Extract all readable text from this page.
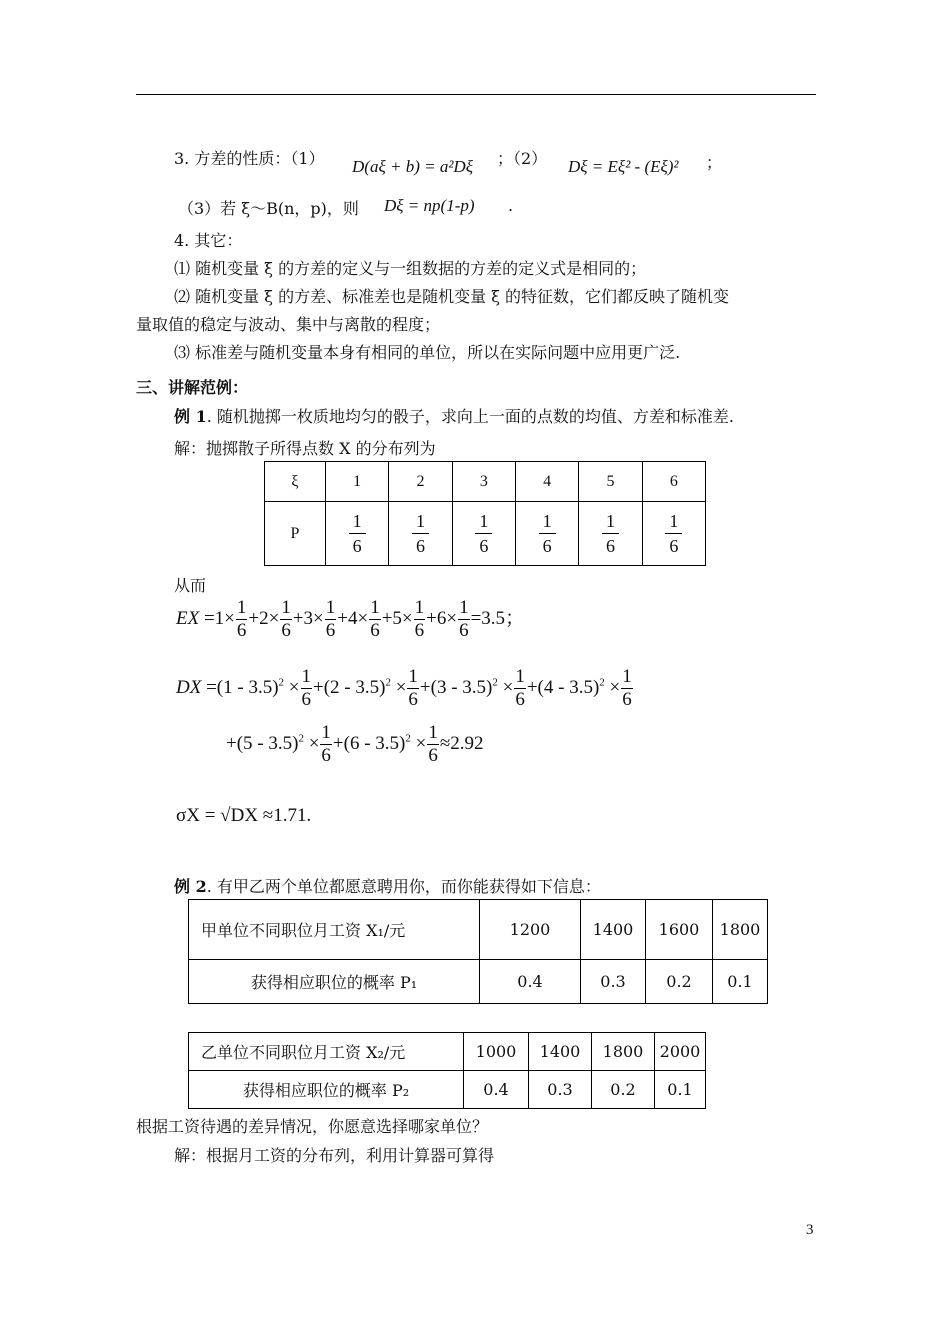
3. 方差的性质：（1） D(aξ + b) = a²Dξ ；（2） Dξ = Eξ² - (Eξ)² ；
（3）若 ξ～B(n，p)，则 Dξ = np(1-p) .
4. 其它：
⑴ 随机变量 ξ 的方差的定义与一组数据的方差的定义式是相同的；
⑵ 随机变量 ξ 的方差、标准差也是随机变量 ξ 的特征数，它们都反映了随机变
量取值的稳定与波动、集中与离散的程度；
⑶ 标准差与随机变量本身有相同的单位，所以在实际问题中应用更广泛.
三、讲解范例：
例 1. 随机抛掷一枚质地均匀的骰子，求向上一面的点数的均值、方差和标准差.
解：抛掷散子所得点数 X 的分布列为
ξ	1	2	3	4	5	6
P	$\frac{1}{6}$	$\frac{1}{6}$	$\frac{1}{6}$	$\frac{1}{6}$	$\frac{1}{6}$	$\frac{1}{6}$
从而
EX $=1\times \frac{1}{6} +2\times \frac{1}{6} +3\times \frac{1}{6} +4\times \frac{1}{6} +5\times \frac{1}{6} +6\times \frac{1}{6} =3.5$；
DX $=(1 - 3.5)^2 \times \frac{1}{6} +(2 - 3.5)^2 \times \frac{1}{6} +(3 - 3.5)^2 \times \frac{1}{6} +(4 - 3.5)^2 \times \frac{1}{6}$
$+(5 - 3.5)^2 \times \frac{1}{6} +(6 - 3.5)^2 \times \frac{1}{6} \approx 2.92$
σX = √DX ≈1.71.
例 2. 有甲乙两个单位都愿意聘用你，而你能获得如下信息：
甲单位不同职位月工资 X₁/元	1200	1400	1600	1800
获得相应职位的概率 P₁	0.4	0.3	0.2	0.1
乙单位不同职位月工资 X₂/元	1000	1400	1800	2000
获得相应职位的概率 P₂	0.4	0.3	0.2	0.1
根据工资待遇的差异情况，你愿意选择哪家单位？
解：根据月工资的分布列，利用计算器可算得
3
